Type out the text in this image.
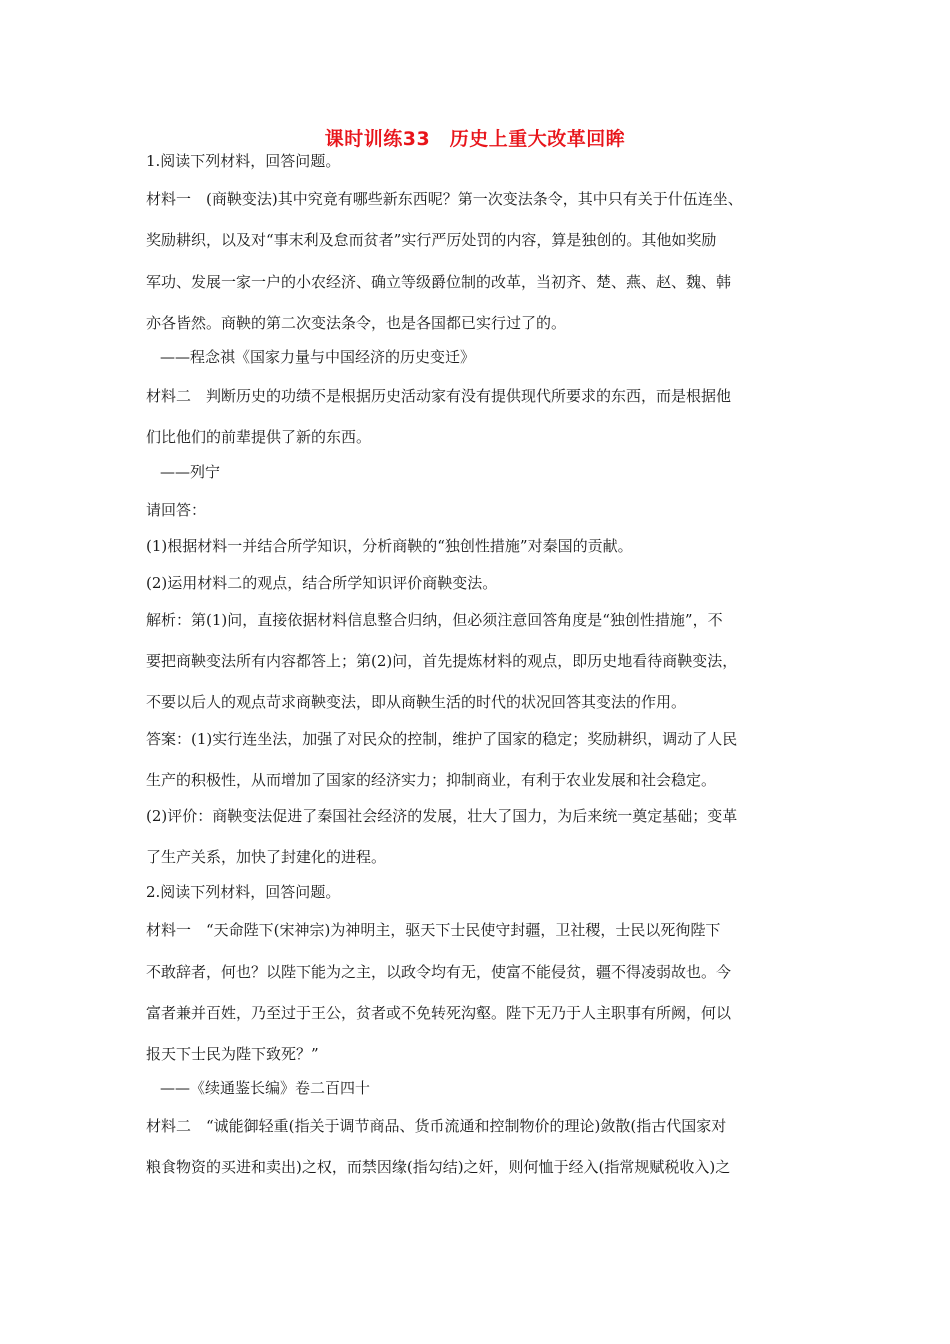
课时训练33　历史上重大改革回眸
1.阅读下列材料，回答问题。
材料一　(商鞅变法)其中究竟有哪些新东西呢？第一次变法条令，其中只有关于什伍连坐、
奖励耕织，以及对“事末利及怠而贫者”实行严厉处罚的内容，算是独创的。其他如奖励
军功、发展一家一户的小农经济、确立等级爵位制的改革，当初齐、楚、燕、赵、魏、韩
亦各皆然。商鞅的第二次变法条令，也是各国都已实行过了的。
——程念祺《国家力量与中国经济的历史变迁》
材料二　判断历史的功绩不是根据历史活动家有没有提供现代所要求的东西，而是根据他
们比他们的前辈提供了新的东西。
——列宁
请回答：
(1)根据材料一并结合所学知识，分析商鞅的“独创性措施”对秦国的贡献。
(2)运用材料二的观点，结合所学知识评价商鞅变法。
解析：第(1)问，直接依据材料信息整合归纳，但必须注意回答角度是“独创性措施”，不
要把商鞅变法所有内容都答上；第(2)问，首先提炼材料的观点，即历史地看待商鞅变法，
不要以后人的观点苛求商鞅变法，即从商鞅生活的时代的状况回答其变法的作用。
答案：(1)实行连坐法，加强了对民众的控制，维护了国家的稳定；奖励耕织，调动了人民
生产的积极性，从而增加了国家的经济实力；抑制商业，有利于农业发展和社会稳定。
(2)评价：商鞅变法促进了秦国社会经济的发展，壮大了国力，为后来统一奠定基础；变革
了生产关系，加快了封建化的进程。
2.阅读下列材料，回答问题。
材料一　“天命陛下(宋神宗)为神明主，驱天下士民使守封疆，卫社稷，士民以死徇陛下
不敢辞者，何也？以陛下能为之主，以政令均有无，使富不能侵贫，疆不得凌弱故也。今
富者兼并百姓，乃至过于王公，贫者或不免转死沟壑。陛下无乃于人主职事有所阙，何以
报天下士民为陛下致死？”
——《续通鉴长编》卷二百四十
材料二　“诚能御轻重(指关于调节商品、货币流通和控制物价的理论)敛散(指古代国家对
粮食物资的买进和卖出)之权，而禁因缘(指勾结)之奸，则何恤于经入(指常规赋税收入)之
